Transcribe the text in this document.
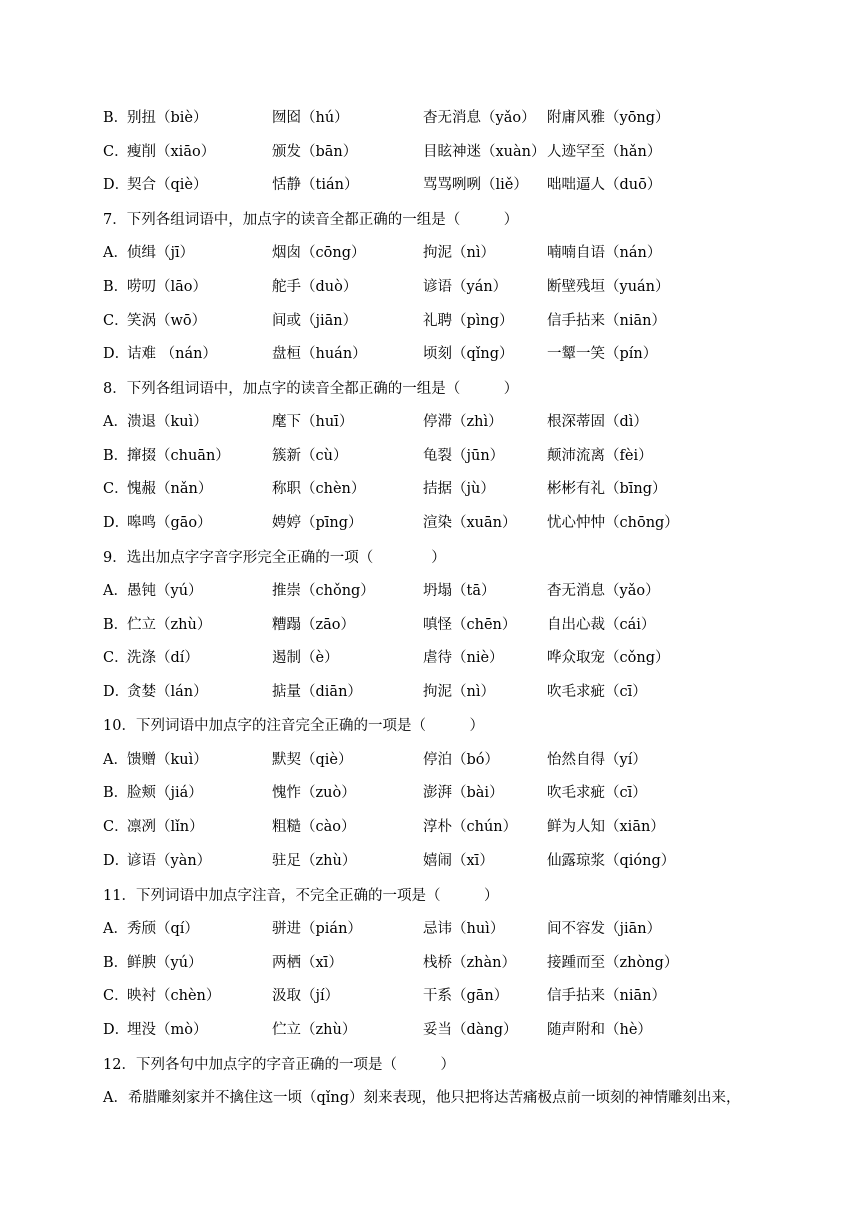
B．
别扭（biè）	囫囵（hú）	杳无消息（yǎo） 附庸风雅（yōng）
C．
瘦削（xiāo）	颁发（bān）	目眩神迷（xuàn） 人迹罕至（hǎn）
D．
契合（qiè）	恬静（tián）	骂骂咧咧（liě） 咄咄逼人（duō）
7．下列各组词语中，加点字的读音全都正确的一组是（　　　）
A． 侦缉（jī）	烟囱（cōng）	拘泥（nì）	喃喃自语（nán）
B．
唠叨（lāo）	舵手（duò）	谚语（yán）	断壁残垣（yuán）
C．
笑涡（wō）	间或（jiān）	礼聘（pìng） 信手拈来（niān）
D．
诘难 （nán）	盘桓（huán）	顷刻（qǐng） 一颦一笑（pín）
8．下列各组词语中，加点字的读音全都正确的一组是（　　　）
A． 溃退（kuì）	麾下（huī）	停滞（zhì）	根深蒂固（dì）
B．
撺掇（chuān）	簇新（cù）	龟裂（jūn）	颠沛流离（fèi）
C．
愧赧（nǎn）	称职（chèn）	拮据（jù）	彬彬有礼（bīng）
D．
嗥鸣（gāo）	娉婷（pīng）	渲染（xuān） 忧心忡忡（chōng）
9．选出加点字字音字形完全正确的一项（　　　　）
A． 愚钝（yú）	推崇（chǒng）	坍塌（tā）	杳无消息（yǎo）
B．
伫立（zhù）	糟蹋（zāo）	嗔怪（chēn） 自出心裁（cái）
C．
洗涤（dí）	遏制（è）	虐待（niè）	哗众取宠（cǒng）
D．
贪婪（lán）	掂量（diān）	拘泥（nì）	吹毛求疵（cī）
10．下列词语中加点字的注音完全正确的一项是（　　　）
A． 馈赠（kuì）	默契（qiè）	停泊（bó）	怡然自得（yí）
B．
脸颊（jiá）	愧怍（zuò）	澎湃（bài）	吹毛求疵（cī）
C．
凛冽（lǐn）	粗糙（cào）	淳朴（chún） 鲜为人知（xiān）
D．
谚语（yàn）	驻足（zhù）	嬉闹（xī）	仙露琼浆（qióng）
11．下列词语中加点字注音，不完全正确的一项是（　　　）
A． 秀颀（qí）	骈进（pián）	忌讳（huì）	间不容发（jiān）
B．
鲜腴（yú）	两栖（xī）	栈桥（zhàn） 接踵而至（zhòng）
C．
映衬（chèn）	汲取（jí）	干系（gān）	信手拈来（niān）
D．
埋没（mò）	伫立（zhù）	妥当（dàng） 随声附和（hè）
12．下列各句中加点字的字音正确的一项是（　　　）
A．希腊雕刻家并不擒住这一顷（qǐng）刻来表现，他只把将达苦痛极点前一顷刻的神情雕刻出来，
